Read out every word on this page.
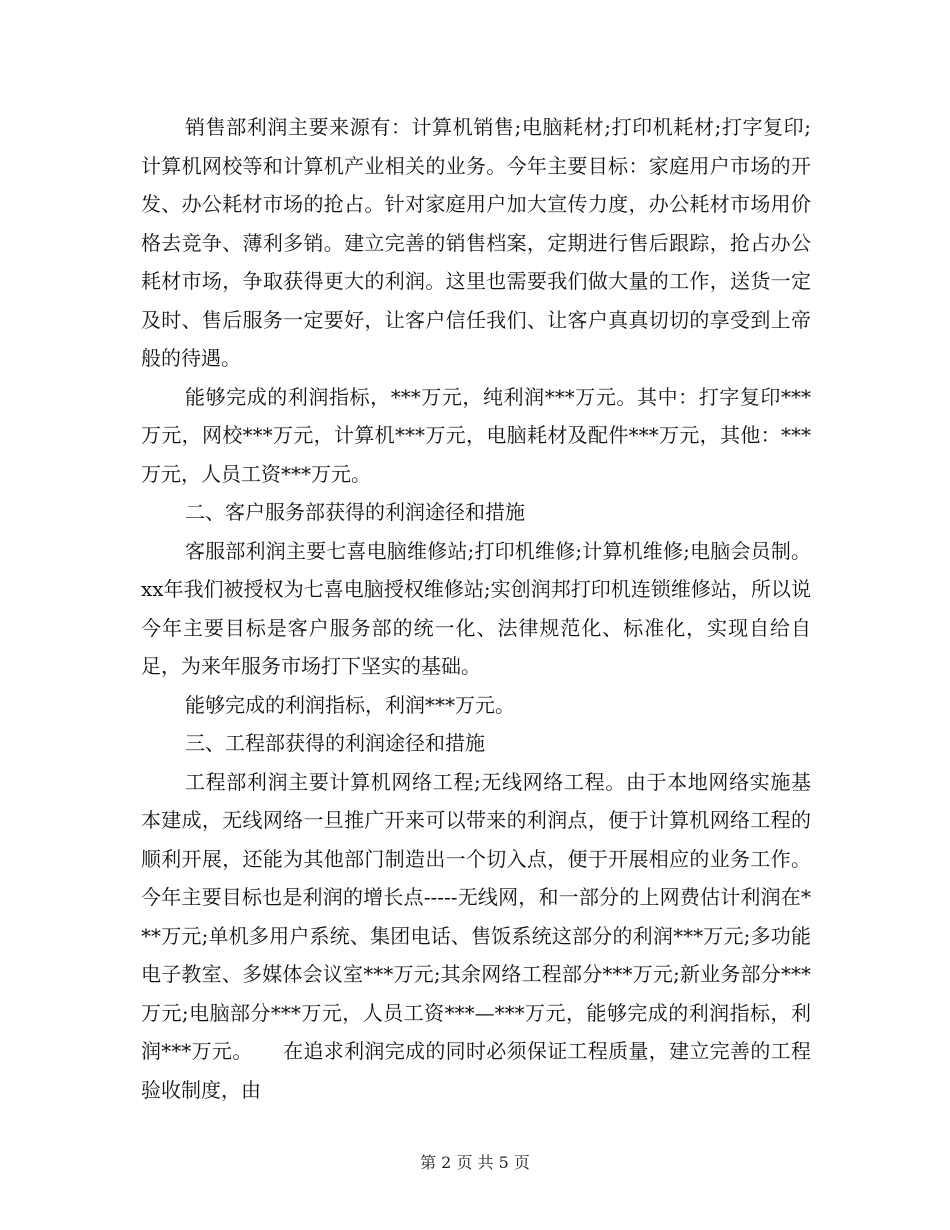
销售部利润主要来源有：计算机销售;电脑耗材;打印机耗材;打字复印;计算机网校等和计算机产业相关的业务。今年主要目标：家庭用户市场的开发、办公耗材市场的抢占。针对家庭用户加大宣传力度，办公耗材市场用价格去竞争、薄利多销。建立完善的销售档案，定期进行售后跟踪，抢占办公耗材市场，争取获得更大的利润。这里也需要我们做大量的工作，送货一定及时、售后服务一定要好，让客户信任我们、让客户真真切切的享受到上帝般的待遇。

能够完成的利润指标，***万元，纯利润***万元。其中：打字复印***万元，网校***万元，计算机***万元，电脑耗材及配件***万元，其他：***万元，人员工资***万元。

二、客户服务部获得的利润途径和措施

客服部利润主要七喜电脑维修站;打印机维修;计算机维修;电脑会员制。xx年我们被授权为七喜电脑授权维修站;实创润邦打印机连锁维修站，所以说今年主要目标是客户服务部的统一化、法律规范化、标准化，实现自给自足，为来年服务市场打下坚实的基础。

能够完成的利润指标，利润***万元。

三、工程部获得的利润途径和措施

工程部利润主要计算机网络工程;无线网络工程。由于本地网络实施基本建成，无线网络一旦推广开来可以带来的利润点，便于计算机网络工程的顺利开展，还能为其他部门制造出一个切入点，便于开展相应的业务工作。今年主要目标也是利润的增长点-----无线网，和一部分的上网费估计利润在***万元;单机多用户系统、集团电话、售饭系统这部分的利润***万元;多功能电子教室、多媒体会议室***万元;其余网络工程部分***万元;新业务部分***万元;电脑部分***万元，人员工资***—***万元，能够完成的利润指标，利润***万元。　　在追求利润完成的同时必须保证工程质量，建立完善的工程验收制度，由

第 2 页 共 5 页
